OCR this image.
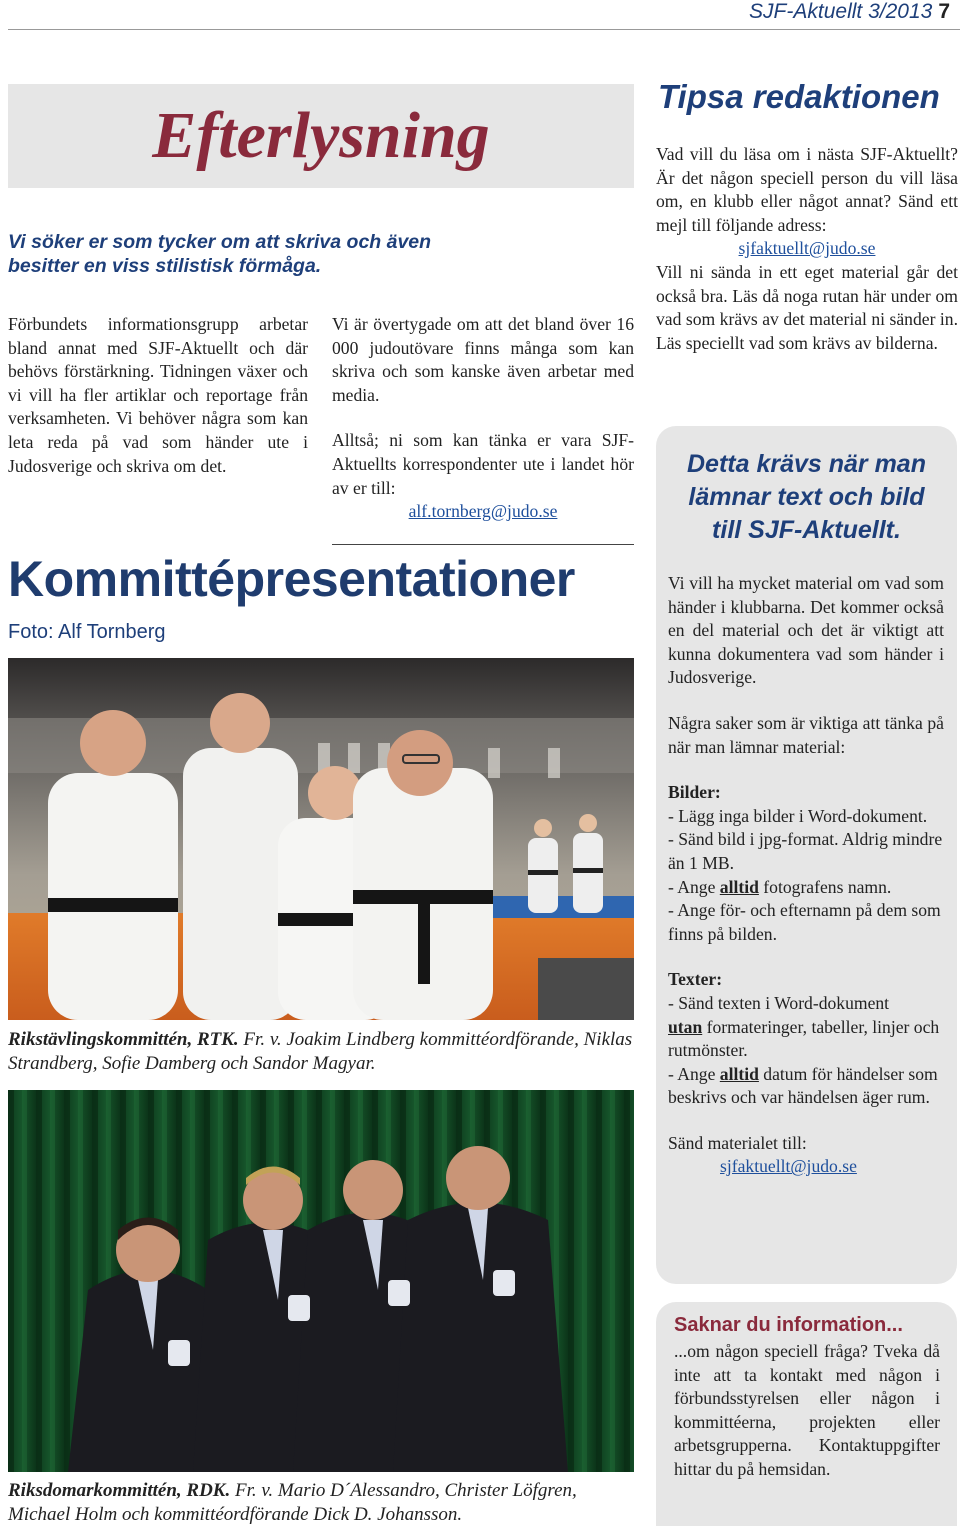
SJF-Aktuellt 3/2013 7
Efterlysning
Vi söker er som tycker om att skriva och även besitter en viss stilistisk förmåga.
Förbundets informationsgrupp arbetar bland annat med SJF-Aktuellt och där behövs förstärkning. Tidningen växer och vi vill ha fler artiklar och reportage från verksamheten. Vi behöver några som kan leta reda på vad som händer ute i Judosverige och skriva om det.

Vi är övertygade om att det bland över 16 000 judoutövare finns många som kan skriva och som kanske även arbetar med media.

Alltså; ni som kan tänka er vara SJF-Aktuellts korrespondenter ute i landet hör av er till:
alf.tornberg@judo.se

Kommittépresentationer
Foto: Alf Tornberg
Rikstävlingskommittén, RTK. Fr. v. Joakim Lindberg kommittéordförande, Niklas Strandberg, Sofie Damberg och Sandor Magyar.
Riksdomarkommittén, RDK. Fr. v. Mario D´Alessandro, Christer Löfgren, Michael Holm och kommittéordförande Dick D. Johansson.
Tipsa redaktionen
Vad vill du läsa om i nästa SJF-Aktuellt? Är det någon speciell person du vill läsa om, en klubb eller något annat? Sänd ett mejl till följande adress:
sjfaktuellt@judo.se
Vill ni sända in ett eget material går det också bra. Läs då noga rutan här under om vad som krävs av det material ni sänder in. Läs speciellt vad som krävs av bilderna.
Detta krävs när man lämnar text och bild till SJF-Aktuellt.

Vi vill ha mycket material om vad som händer i klubbarna. Det kommer också en del material och det är viktigt att kunna dokumentera vad som händer i Judosverige.

Några saker som är viktiga att tänka på när man lämnar material:

Bilder:
- Lägg inga bilder i Word-dokument.
- Sänd bild i jpg-format. Aldrig mindre än 1 MB.
- Ange alltid fotografens namn.
- Ange för- och efternamn på dem som finns på bilden.

Texter:
- Sänd texten i Word-dokument
utan formateringer, tabeller, linjer och rutmönster.
- Ange alltid datum för händelser som beskrivs och var händelsen äger rum.

Sänd materialet till:

sjfaktuellt@judo.se

Saknar du information...
...om någon speciell fråga? Tveka då inte att ta kontakt med någon i förbundsstyrelsen eller någon i kommittéerna, projekten eller arbetsgrupperna. Kontaktuppgifter hittar du på hemsidan.
